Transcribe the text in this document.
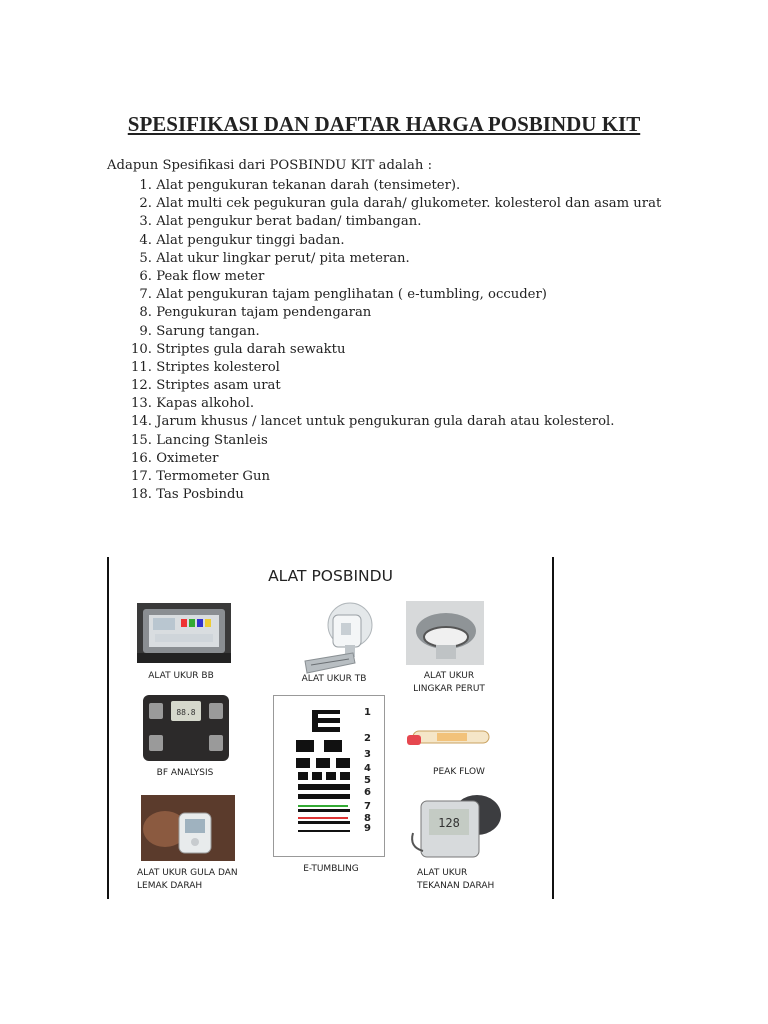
SPESIFIKASI DAN DAFTAR HARGA POSBINDU KIT
Adapun Spesifikasi dari POSBINDU KIT adalah :
1. Alat pengukuran tekanan darah (tensimeter).
2. Alat multi cek pegukuran gula darah/ glukometer. kolesterol dan asam urat
3. Alat pengukur berat badan/ timbangan.
4. Alat pengukur tinggi badan.
5. Alat ukur lingkar perut/ pita meteran.
6. Peak flow meter
7. Alat pengukuran tajam penglihatan ( e-tumbling, occuder)
8. Pengukuran tajam pendengaran
9. Sarung tangan.
10. Striptes gula darah sewaktu
11. Striptes kolesterol
12. Striptes asam urat
13. Kapas alkohol.
14. Jarum khusus / lancet untuk pengukuran gula darah atau kolesterol.
15. Lancing Stanleis
16. Oximeter
17. Termometer Gun
18. Tas Posbindu
ALAT POSBINDU
ALAT UKUR BB	ALAT UKUR TB	ALAT UKUR
LINGKAR PERUT
88.8
BF ANALYSIS
1
2
3
4
5
6
7
8
9
E-TUMBLING
PEAK FLOW
ALAT UKUR GULA DAN
LEMAK DARAH
128
ALAT UKUR
TEKANAN DARAH
